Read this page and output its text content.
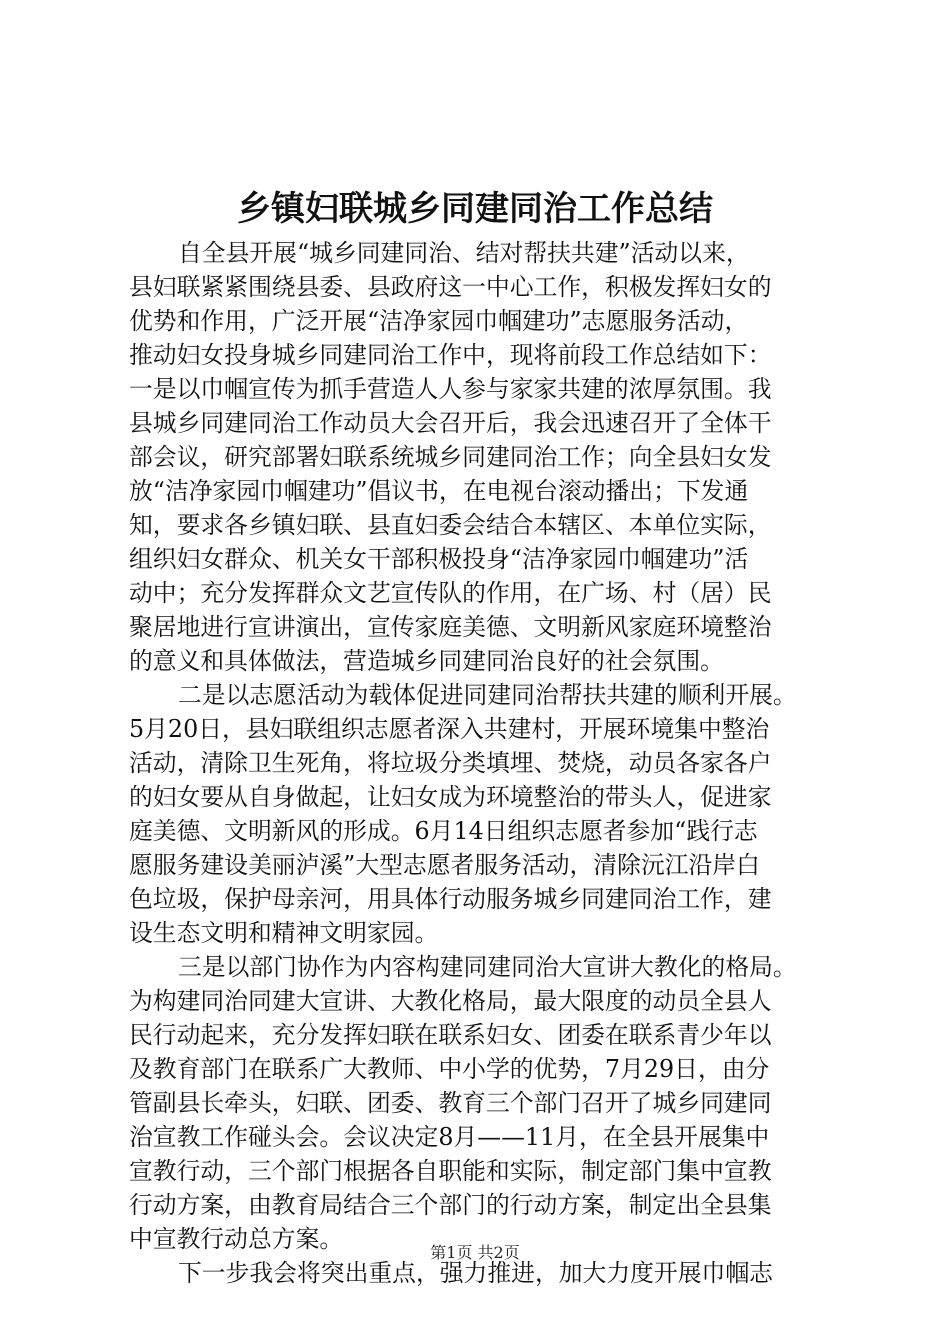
乡镇妇联城乡同建同治工作总结
自全县开展“城乡同建同治、结对帮扶共建”活动以来，
县妇联紧紧围绕县委、县政府这一中心工作，积极发挥妇女的
优势和作用，广泛开展“洁净家园巾帼建功”志愿服务活动，
推动妇女投身城乡同建同治工作中，现将前段工作总结如下：
一是以巾帼宣传为抓手营造人人参与家家共建的浓厚氛围。我
县城乡同建同治工作动员大会召开后，我会迅速召开了全体干
部会议，研究部署妇联系统城乡同建同治工作；向全县妇女发
放“洁净家园巾帼建功”倡议书，在电视台滚动播出；下发通
知，要求各乡镇妇联、县直妇委会结合本辖区、本单位实际，
组织妇女群众、机关女干部积极投身“洁净家园巾帼建功”活
动中；充分发挥群众文艺宣传队的作用，在广场、村（居）民
聚居地进行宣讲演出，宣传家庭美德、文明新风家庭环境整治
的意义和具体做法，营造城乡同建同治良好的社会氛围。
二是以志愿活动为载体促进同建同治帮扶共建的顺利开展。
5月20日，县妇联组织志愿者深入共建村，开展环境集中整治
活动，清除卫生死角，将垃圾分类填埋、焚烧，动员各家各户
的妇女要从自身做起，让妇女成为环境整治的带头人，促进家
庭美德、文明新风的形成。6月14日组织志愿者参加“践行志
愿服务建设美丽泸溪”大型志愿者服务活动，清除沅江沿岸白
色垃圾，保护母亲河，用具体行动服务城乡同建同治工作，建
设生态文明和精神文明家园。
三是以部门协作为内容构建同建同治大宣讲大教化的格局。
为构建同治同建大宣讲、大教化格局，最大限度的动员全县人
民行动起来，充分发挥妇联在联系妇女、团委在联系青少年以
及教育部门在联系广大教师、中小学的优势，7月29日，由分
管副县长牵头，妇联、团委、教育三个部门召开了城乡同建同
治宣教工作碰头会。会议决定8月——11月，在全县开展集中
宣教行动，三个部门根据各自职能和实际，制定部门集中宣教
行动方案，由教育局结合三个部门的行动方案，制定出全县集
中宣教行动总方案。
下一步我会将突出重点，强力推进，加大力度开展巾帼志
第1页 共2页
